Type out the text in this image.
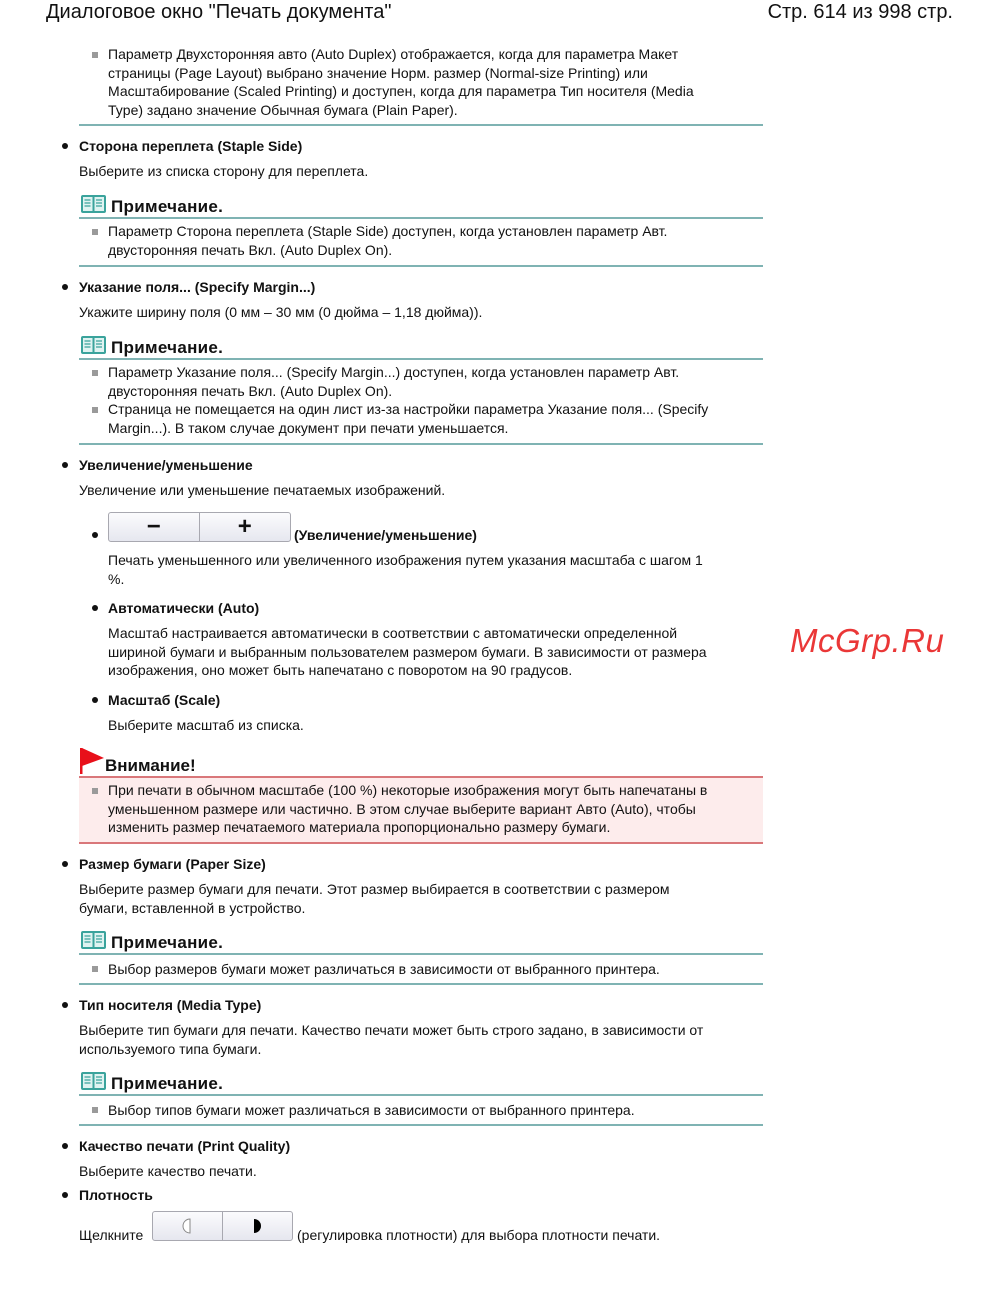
Диалоговое окно "Печать документа"	Стр. 614 из 998 стр.
Параметр Двухсторонняя авто (Auto Duplex) отображается, когда для параметра Макет
страницы (Page Layout) выбрано значение Норм. размер (Normal-size Printing) или
Масштабирование (Scaled Printing) и доступен, когда для параметра Тип носителя (Media
Type) задано значение Обычная бумага (Plain Paper).
Сторона переплета (Staple Side)
Выберите из списка сторону для переплета.
Примечание.
Параметр Сторона переплета (Staple Side) доступен, когда установлен параметр Авт.
двусторонняя печать Вкл. (Auto Duplex On).
Указание поля... (Specify Margin...)
Укажите ширину поля (0 мм – 30 мм (0 дюйма – 1,18 дюйма)).
Примечание.
Параметр Указание поля... (Specify Margin...) доступен, когда установлен параметр Авт.
двусторонняя печать Вкл. (Auto Duplex On).
Страница не помещается на один лист из-за настройки параметра Указание поля... (Specify
Margin...). В таком случае документ при печати уменьшается.
Увеличение/уменьшение
Увеличение или уменьшение печатаемых изображений.
−	+	(Увеличение/уменьшение)
Печать уменьшенного или увеличенного изображения путем указания масштаба с шагом 1
%.
Автоматически (Auto)
Масштаб настраивается автоматически в соответствии с автоматически определенной
шириной бумаги и выбранным пользователем размером бумаги. В зависимости от размера
изображения, оно может быть напечатано с поворотом на 90 градусов.
Масштаб (Scale)
Выберите масштаб из списка.
Внимание!
При печати в обычном масштабе (100 %) некоторые изображения могут быть напечатаны в
уменьшенном размере или частично. В этом случае выберите вариант Авто (Auto), чтобы
изменить размер печатаемого материала пропорционально размеру бумаги.
Размер бумаги (Paper Size)
Выберите размер бумаги для печати. Этот размер выбирается в соответствии с размером
бумаги, вставленной в устройство.
Примечание.
Выбор размеров бумаги может различаться в зависимости от выбранного принтера.
Тип носителя (Media Type)
Выберите тип бумаги для печати. Качество печати может быть строго задано, в зависимости от
используемого типа бумаги.
Примечание.
Выбор типов бумаги может различаться в зависимости от выбранного принтера.
Качество печати (Print Quality)
Выберите качество печати.
Плотность
Щелкните	(регулировка плотности) для выбора плотности печати.
McGrp.Ru
